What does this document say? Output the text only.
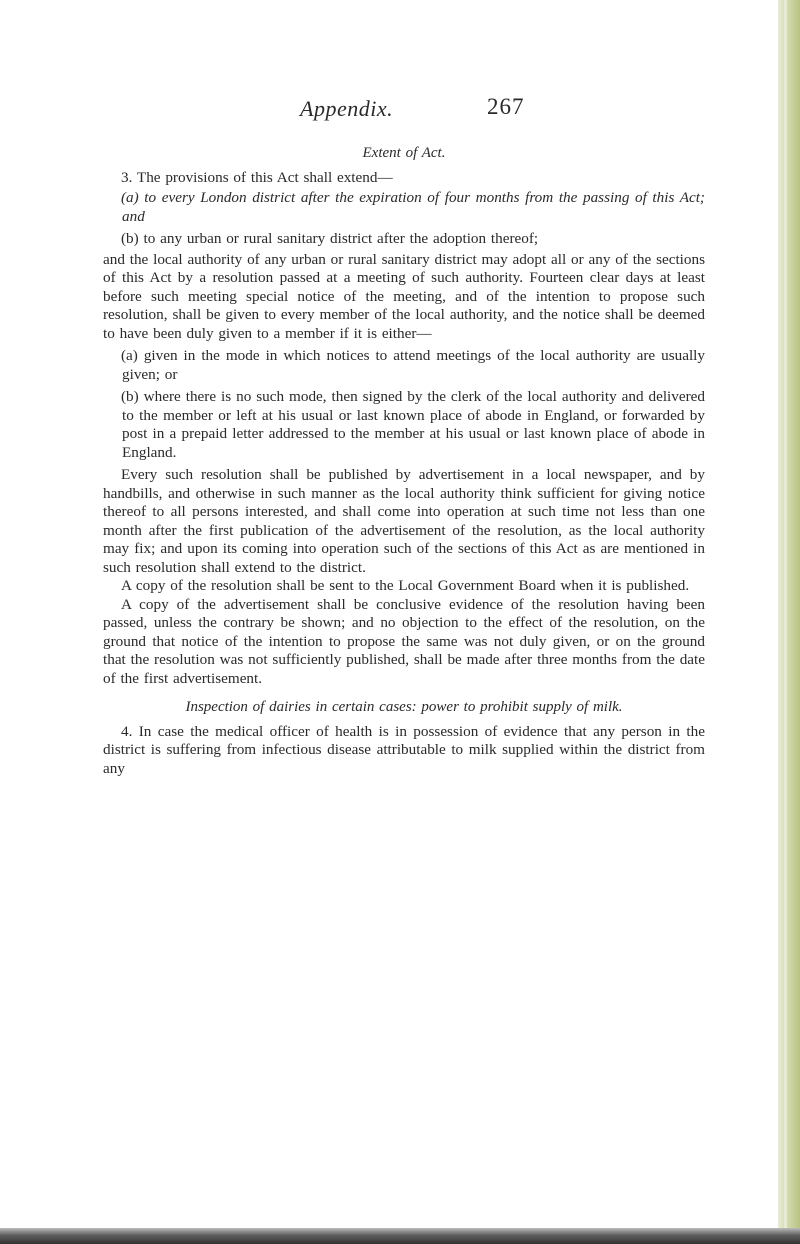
Appendix.	267

Extent of Act.

3. The provisions of this Act shall extend—

(a) to every London district after the expiration of four months from the passing of this Act; and

(b) to any urban or rural sanitary district after the adoption thereof;

and the local authority of any urban or rural sanitary district may adopt all or any of the sections of this Act by a resolution passed at a meeting of such authority. Fourteen clear days at least before such meeting special notice of the meeting, and of the intention to propose such resolution, shall be given to every member of the local authority, and the notice shall be deemed to have been duly given to a member if it is either—

(a) given in the mode in which notices to attend meetings of the local authority are usually given; or

(b) where there is no such mode, then signed by the clerk of the local authority and delivered to the member or left at his usual or last known place of abode in England, or forwarded by post in a prepaid letter addressed to the member at his usual or last known place of abode in England.

Every such resolution shall be published by advertisement in a local newspaper, and by handbills, and otherwise in such manner as the local authority think sufficient for giving notice thereof to all persons interested, and shall come into operation at such time not less than one month after the first publication of the advertisement of the resolution, as the local authority may fix; and upon its coming into operation such of the sections of this Act as are mentioned in such resolution shall extend to the district.

A copy of the resolution shall be sent to the Local Government Board when it is published.

A copy of the advertisement shall be conclusive evidence of the resolution having been passed, unless the contrary be shown; and no objection to the effect of the resolution, on the ground that notice of the intention to propose the same was not duly given, or on the ground that the resolution was not sufficiently published, shall be made after three months from the date of the first advertisement.

Inspection of dairies in certain cases: power to prohibit supply of milk.

4. In case the medical officer of health is in possession of evidence that any person in the district is suffering from infectious disease attributable to milk supplied within the district from any
